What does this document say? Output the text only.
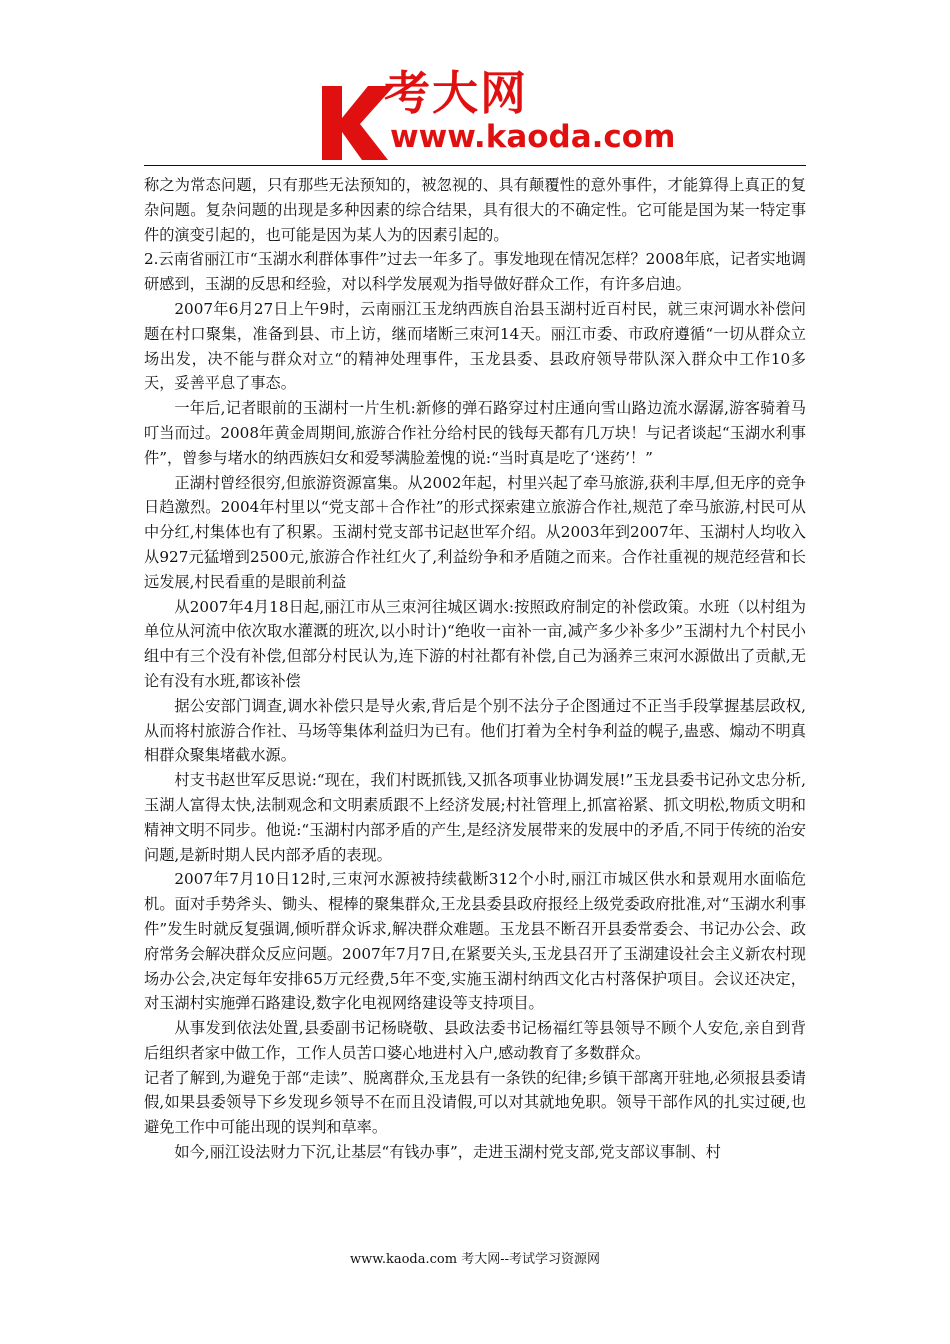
考大网
www.kaoda.com

称之为常态问题，只有那些无法预知的，被忽视的、具有颠覆性的意外事件，才能算得上真正的复杂问题。复杂问题的出现是多种因素的综合结果，具有很大的不确定性。它可能是国为某一特定事件的演变引起的，也可能是因为某人为的因素引起的。

2.云南省丽江市“玉湖水利群体事件”过去一年多了。事发地现在情况怎样？2008年底，记者实地调研感到，玉湖的反思和经验，对以科学发展观为指导做好群众工作，有许多启迪。

2007年6月27日上午9时，云南丽江玉龙纳西族自治县玉湖村近百村民，就三朿河调水补偿问题在村口聚集，准备到县、市上访，继而堵断三朿河14天。丽江市委、市政府遵循“一切从群众立场出发，决不能与群众对立“的精神处理事件，玉龙县委、县政府领导带队深入群众中工作10多天，妥善平息了事态。

一年后,记者眼前的玉湖村一片生机:新修的弹石路穿过村庄通向雪山路边流水潺潺,游客骑着马叮当而过。2008年黄金周期间,旅游合作社分给村民的钱每天都有几万块！与记者谈起“玉湖水利事件”，曾参与堵水的纳西族妇女和爱琴满脸羞愧的说:“当时真是吃了‘迷药’！”

正湖村曾经很穷,但旅游资源富集。从2002年起，村里兴起了牵马旅游,获利丰厚,但无序的竞争日趋激烈。2004年村里以“党支部＋合作社”的形式探索建立旅游合作社,规范了牵马旅游,村民可从中分红,村集体也有了积累。玉湖村党支部书记赵世军介绍。从2003年到2007年、玉湖村人均收入从927元猛增到2500元,旅游合作社红火了,利益纷争和矛盾随之而来。合作社重视的规范经营和长远发展,村民看重的是眼前利益

从2007年4月18日起,丽江市从三朿河往城区调水:按照政府制定的补偿政策。水班（以村组为单位从河流中依次取水灌溉的班次,以小时计)“绝收一亩补一亩,减产多少补多少”玉湖村九个村民小组中有三个没有补偿,但部分村民认为,连下游的村社都有补偿,自己为涵养三朿河水源做出了贡献,无论有没有水班,都该补偿

据公安部门调查,调水补偿只是导火索,背后是个别不法分子企图通过不正当手段掌握基层政权,从而将村旅游合作社、马场等集体利益归为已有。他们打着为全村争利益的幌子,蛊惑、煽动不明真相群众聚集堵截水源。

村支书赵世军反思说:“现在，我们村既抓钱,又抓各项事业协调发展!”玉龙县委书记孙文忠分析,玉湖人富得太快,法制观念和文明素质跟不上经济发展;村社管理上,抓富裕紧、抓文明松,物质文明和精神文明不同步。他说:“玉湖村内部矛盾的产生,是经济发展带来的发展中的矛盾,不同于传统的治安问题,是新时期人民内部矛盾的表现。

2007年7月10日12时,三朿河水源被持续截断312个小时,丽江市城区供水和景观用水面临危机。面对手势斧头、锄头、棍棒的聚集群众,王龙县委县政府报经上级党委政府批准,对“玉湖水利事件”发生时就反复强调,倾听群众诉求,解决群众难题。玉龙县不断召开县委常委会、书记办公会、政府常务会解决群众反应问题。2007年7月7日,在紧要关头,玉龙县召开了玉湖建设社会主义新农村现场办公会,决定每年安排65万元经费,5年不变,实施玉湖村纳西文化古村落保护项目。会议还决定，对玉湖村实施弹石路建设,数字化电视网络建设等支持项目。

从事发到依法处置,县委副书记杨晓敬、县政法委书记杨福红等县领导不顾个人安危,亲自到背后组织者家中做工作，工作人员苦口婆心地进村入户,感动教育了多数群众。

记者了解到,为避免于部“走读”、脱离群众,玉龙县有一条铁的纪律;乡镇干部离开驻地,必须报县委请假,如果县委领导下乡发现乡领导不在而且没请假,可以对其就地免职。领导干部作风的扎实过硬,也避免工作中可能出现的误判和草率。

如今,丽江设法财力下沉,让基层“有钱办事”，走进玉湖村党支部,党支部议事制、村

www.kaoda.com 考大网--考试学习资源网
